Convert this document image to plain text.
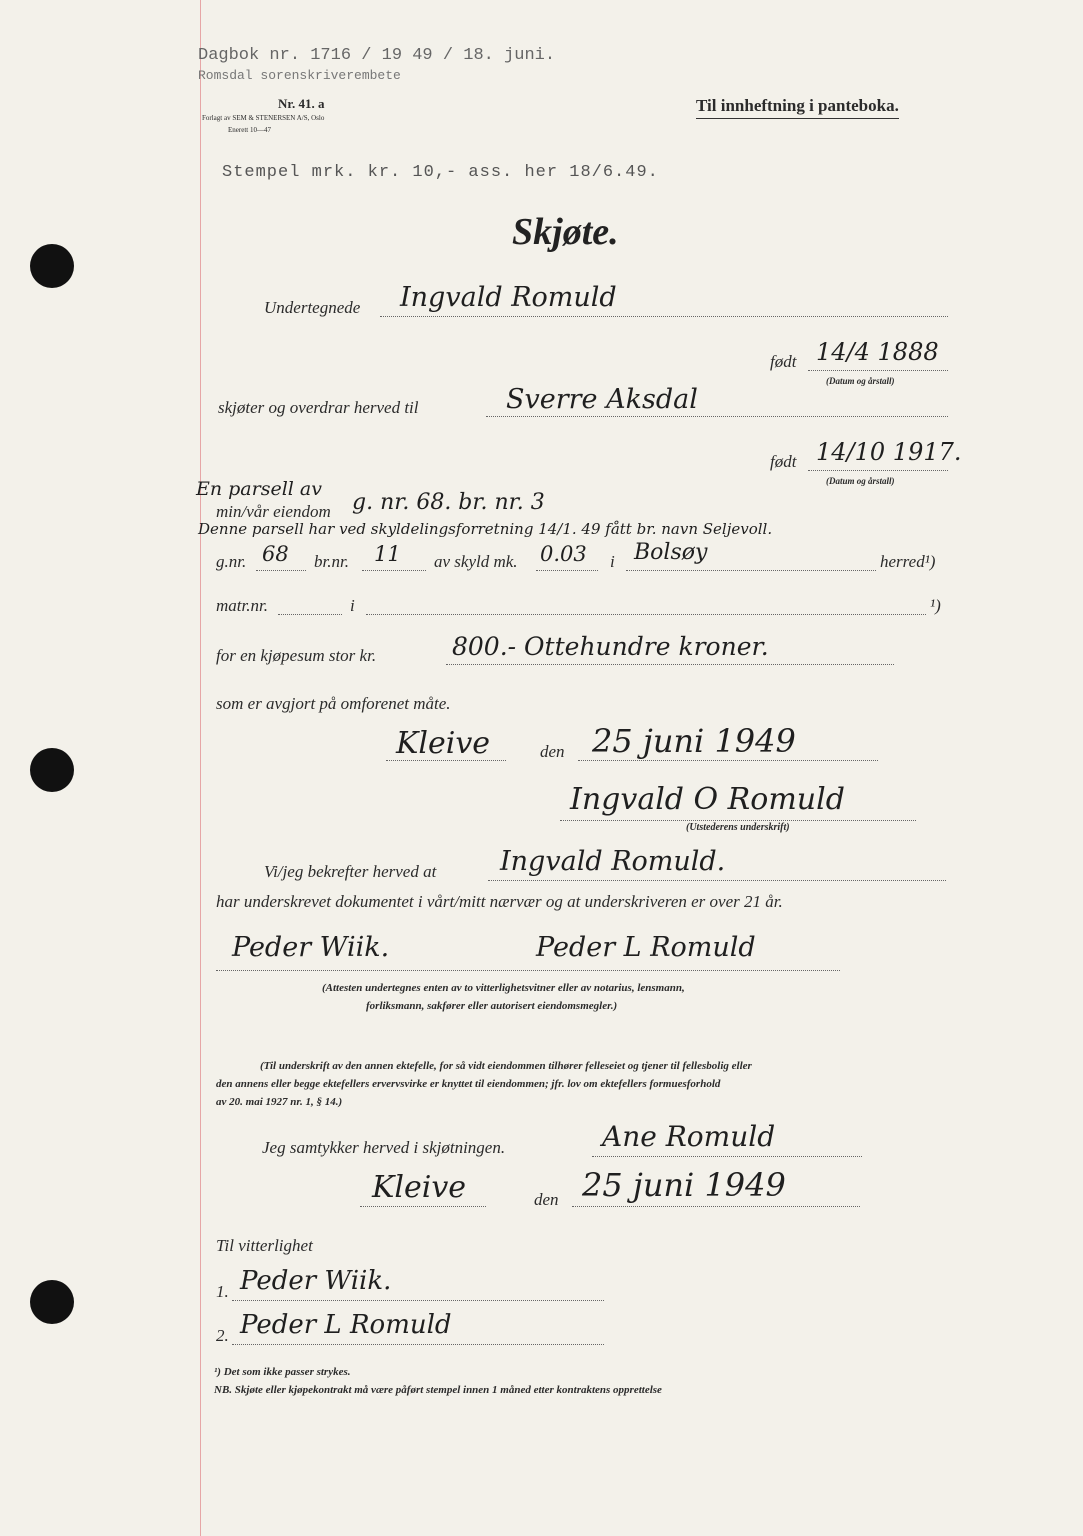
Dagbok nr. 1716 / 19 49 / 18. juni.
Romsdal sorenskriverembete
Nr. 41. a
Forlagt av SEM & STENERSEN A/S, Oslo
Enerett 10—47
Til innheftning i panteboka.
Stempel mrk. kr. 10,- ass. her 18/6.49.
Skjøte.
Undertegnede Ingvald Romuld
født 14/4 1888
(Datum og årstall)
skjøter og overdrar herved til	Sverre Aksdal
født 14/10 1917.
(Datum og årstall)
En parsell av
min/vår eiendom g. nr. 68. br. nr. 3
Denne parsell har ved skyldelingsforretning 14/1. 49 fått br. navn Seljevoll.
g.nr. 68 br.nr. 11 av skyld mk. 0.03 i Bolsøy	herred¹)
matr.nr.	i	¹)
for en kjøpesum stor kr.	800.- Ottehundre kroner.
som er avgjort på omforenet måte.
Kleive	den 25 juni 1949
Ingvald O Romuld
(Utstederens underskrift)
Vi/jeg bekrefter herved at Ingvald Romuld.
har underskrevet dokumentet i vårt/mitt nærvær og at underskriveren er over 21 år.
Peder Wiik.	Peder L Romuld
(Attesten undertegnes enten av to vitterlighetsvitner eller av notarius, lensmann,
forliksmann, sakfører eller autorisert eiendomsmegler.)
(Til underskrift av den annen ektefelle, for så vidt eiendommen tilhører felleseiet og tjener til fellesbolig eller
den annens eller begge ektefellers ervervsvirke er knyttet til eiendommen; jfr. lov om ektefellers formuesforhold
av 20. mai 1927 nr. 1, § 14.)
Jeg samtykker herved i skjøtningen.	Ane Romuld
Kleive	den 25 juni 1949
Til vitterlighet
1. Peder Wiik.
2. Peder L Romuld
¹) Det som ikke passer strykes.
NB. Skjøte eller kjøpekontrakt må være påført stempel innen 1 måned etter kontraktens opprettelse
